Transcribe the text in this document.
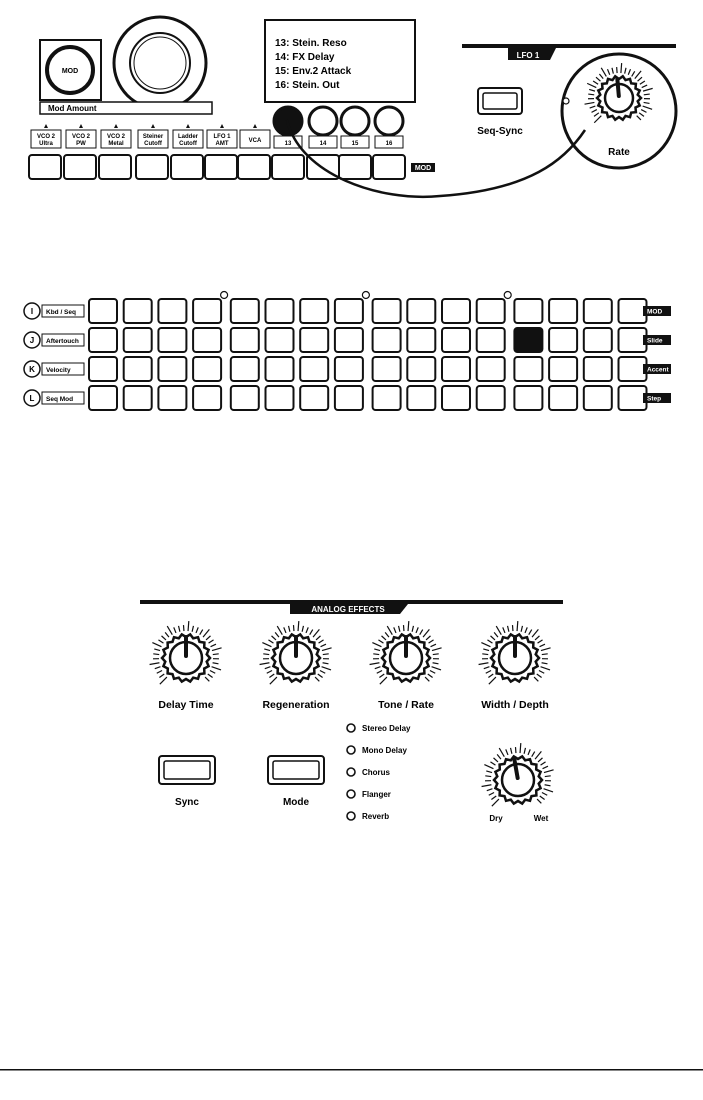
MOD
Mod Amount
VCO 2
Ultra
VCO 2
PW
VCO 2
Metal
Steiner
Cutoff
Ladder
Cutoff
LFO 1
AMT	VCA	13	14	15	16
MOD
13: Stein. Reso
14: FX Delay
15: Env.2 Attack
16: Stein. Out
LFO 1
Seq-Sync
Rate
I Kbd / Seq	MOD
J Aftertouch	Slide
K Velocity	Accent
L Seq Mod	Step
ANALOG EFFECTS
Delay Time	Regeneration	Tone / Rate	Width / Depth
Sync	Mode
Stereo Delay
Mono Delay
Chorus
Flanger
Reverb	Dry	Wet
